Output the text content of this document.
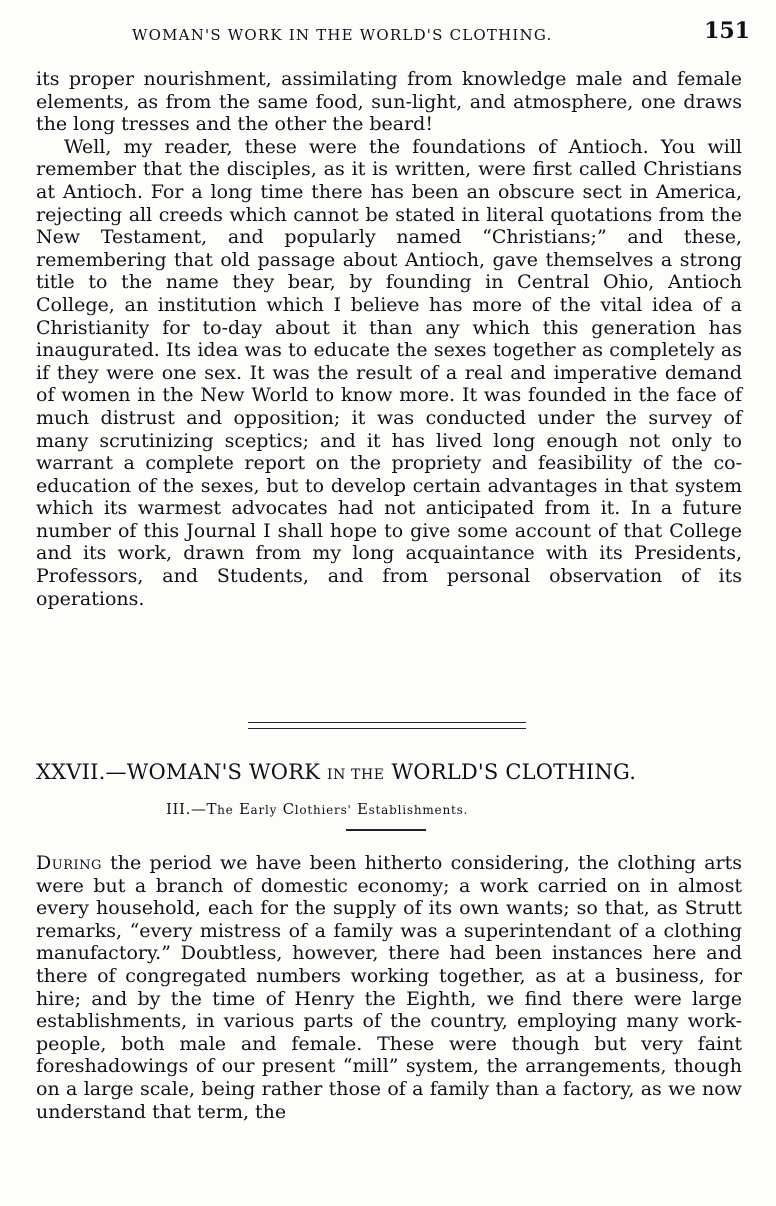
WOMAN'S WORK IN THE WORLD'S CLOTHING.	151

its proper nourishment, assimilating from knowledge male and female elements, as from the same food, sun-light, and atmosphere, one draws the long tresses and the other the beard!

Well, my reader, these were the foundations of Antioch. You will remember that the disciples, as it is written, were first called Christians at Antioch. For a long time there has been an obscure sect in America, rejecting all creeds which cannot be stated in literal quotations from the New Testament, and popularly named “Christians;” and these, remembering that old passage about Antioch, gave themselves a strong title to the name they bear, by founding in Central Ohio, Antioch College, an institution which I believe has more of the vital idea of a Christianity for to-day about it than any which this generation has inaugurated. Its idea was to educate the sexes together as completely as if they were one sex. It was the result of a real and imperative demand of women in the New World to know more. It was founded in the face of much distrust and opposition; it was conducted under the survey of many scrutinizing sceptics; and it has lived long enough not only to warrant a complete report on the propriety and feasibility of the co-education of the sexes, but to develop certain advantages in that system which its warmest advocates had not anticipated from it. In a future number of this Journal I shall hope to give some account of that College and its work, drawn from my long acquaintance with its Presidents, Professors, and Students, and from personal observation of its operations.

XXVII.—WOMAN'S WORK IN THE WORLD'S CLOTHING.
III.—The Early Clothiers' Establishments.
During the period we have been hitherto considering, the clothing arts were but a branch of domestic economy; a work carried on in almost every household, each for the supply of its own wants; so that, as Strutt remarks, “every mistress of a family was a superintendant of a clothing manufactory.” Doubtless, however, there had been instances here and there of congregated numbers working together, as at a business, for hire; and by the time of Henry the Eighth, we find there were large establishments, in various parts of the country, employing many work-people, both male and female. These were though but very faint foreshadowings of our present “mill” system, the arrangements, though on a large scale, being rather those of a family than a factory, as we now understand that term, the
